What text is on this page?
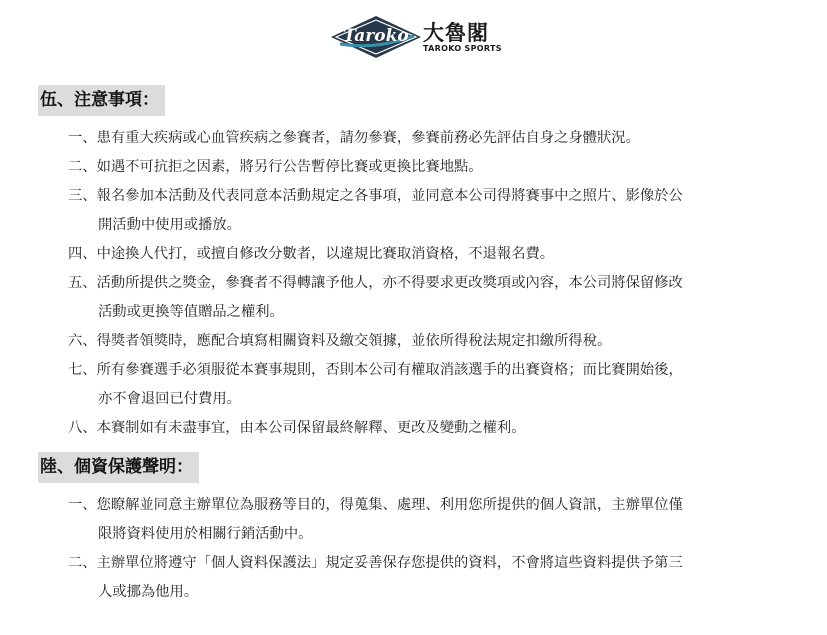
Taroko 大魯閣
TAROKO SPORTS
伍、注意事項：
一、患有重大疾病或心血管疾病之參賽者，請勿參賽，參賽前務必先評估自身之身體狀況。
二、如遇不可抗拒之因素，將另行公告暫停比賽或更換比賽地點。
三、報名參加本活動及代表同意本活動規定之各事項，並同意本公司得將賽事中之照片、影像於公
開活動中使用或播放。
四、中途換人代打，或擅自修改分數者，以違規比賽取消資格，不退報名費。
五、活動所提供之獎金，參賽者不得轉讓予他人，亦不得要求更改獎項或內容，本公司將保留修改
活動或更換等值贈品之權利。
六、得獎者領獎時，應配合填寫相關資料及繳交領據，並依所得稅法規定扣繳所得稅。
七、所有參賽選手必須服從本賽事規則，否則本公司有權取消該選手的出賽資格；而比賽開始後，
亦不會退回已付費用。
八、本賽制如有未盡事宜，由本公司保留最終解釋、更改及變動之權利。
陸、個資保護聲明：
一、您瞭解並同意主辦單位為服務等目的，得蒐集、處理、利用您所提供的個人資訊，主辦單位僅
限將資料使用於相關行銷活動中。
二、主辦單位將遵守「個人資料保護法」規定妥善保存您提供的資料，不會將這些資料提供予第三
人或挪為他用。
